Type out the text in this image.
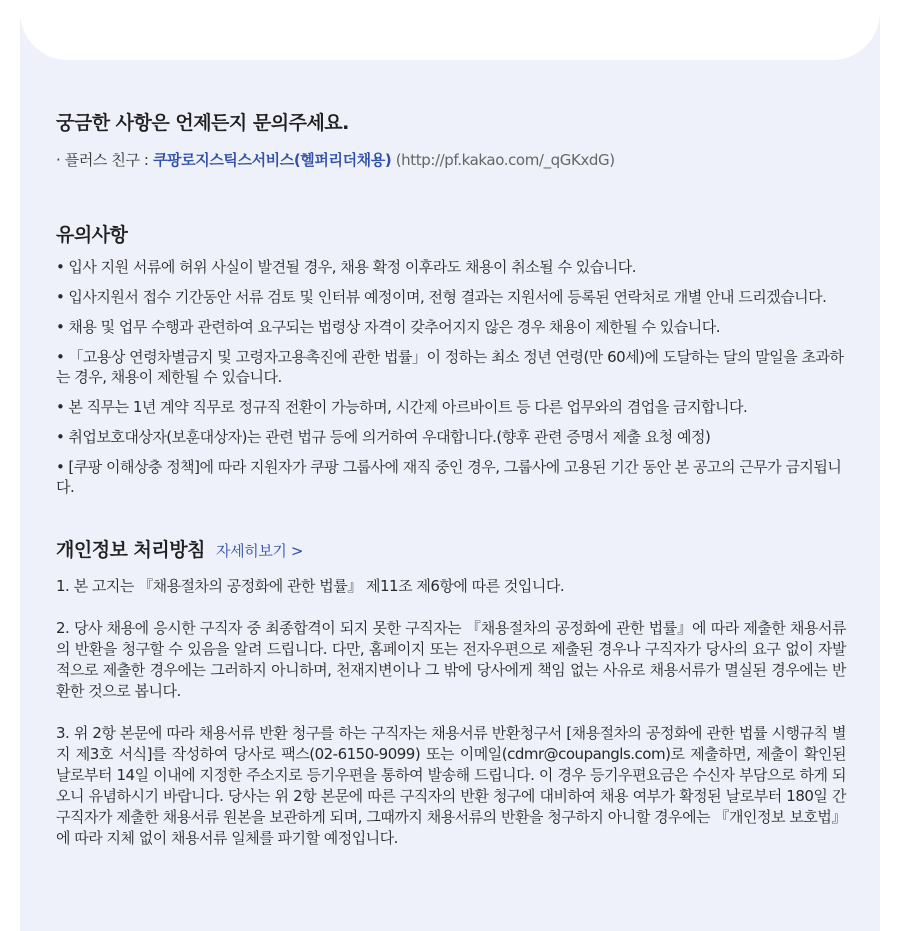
궁금한 사항은 언제든지 문의주세요.
· 플러스 친구 : 쿠팡로지스틱스서비스(헬퍼리더채용) (http://pf.kakao.com/_qGKxdG)
유의사항
• 입사 지원 서류에 허위 사실이 발견될 경우, 채용 확정 이후라도 채용이 취소될 수 있습니다.
• 입사지원서 접수 기간동안 서류 검토 및 인터뷰 예정이며, 전형 결과는 지원서에 등록된 연락처로 개별 안내 드리겠습니다.
• 채용 및 업무 수행과 관련하여 요구되는 법령상 자격이 갖추어지지 않은 경우 채용이 제한될 수 있습니다.
• 「고용상 연령차별금지 및 고령자고용촉진에 관한 법률」이 정하는 최소 정년 연령(만 60세)에 도달하는 달의 말일을 초과하는 경우, 채용이 제한될 수 있습니다.
• 본 직무는 1년 계약 직무로 정규직 전환이 가능하며, 시간제 아르바이트 등 다른 업무와의 겸업을 금지합니다.
• 취업보호대상자(보훈대상자)는 관련 법규 등에 의거하여 우대합니다.(향후 관련 증명서 제출 요청 예정)
• [쿠팡 이해상충 정책]에 따라 지원자가 쿠팡 그룹사에 재직 중인 경우, 그룹사에 고용된 기간 동안 본 공고의 근무가 금지됩니다.
개인정보 처리방침 자세히보기 >

1. 본 고지는 『채용절차의 공정화에 관한 법률』 제11조 제6항에 따른 것입니다.

2. 당사 채용에 응시한 구직자 중 최종합격이 되지 못한 구직자는 『채용절차의 공정화에 관한 법률』에 따라 제출한 채용서류의 반환을 청구할 수 있음을 알려 드립니다. 다만, 홈페이지 또는 전자우편으로 제출된 경우나 구직자가 당사의 요구 없이 자발적으로 제출한 경우에는 그러하지 아니하며, 천재지변이나 그 밖에 당사에게 책임 없는 사유로 채용서류가 멸실된 경우에는 반환한 것으로 봅니다.

3. 위 2항 본문에 따라 채용서류 반환 청구를 하는 구직자는 채용서류 반환청구서 [채용절차의 공정화에 관한 법률 시행규칙 별지 제3호 서식]를 작성하여 당사로 팩스(02-6150-9099) 또는 이메일(cdmr@coupangls.com)로 제출하면, 제출이 확인된 날로부터 14일 이내에 지정한 주소지로 등기우편을 통하여 발송해 드립니다. 이 경우 등기우편요금은 수신자 부담으로 하게 되오니 유념하시기 바랍니다. 당사는 위 2항 본문에 따른 구직자의 반환 청구에 대비하여 채용 여부가 확정된 날로부터 180일 간 구직자가 제출한 채용서류 원본을 보관하게 되며, 그때까지 채용서류의 반환을 청구하지 아니할 경우에는 『개인정보 보호법』에 따라 지체 없이 채용서류 일체를 파기할 예정입니다.
